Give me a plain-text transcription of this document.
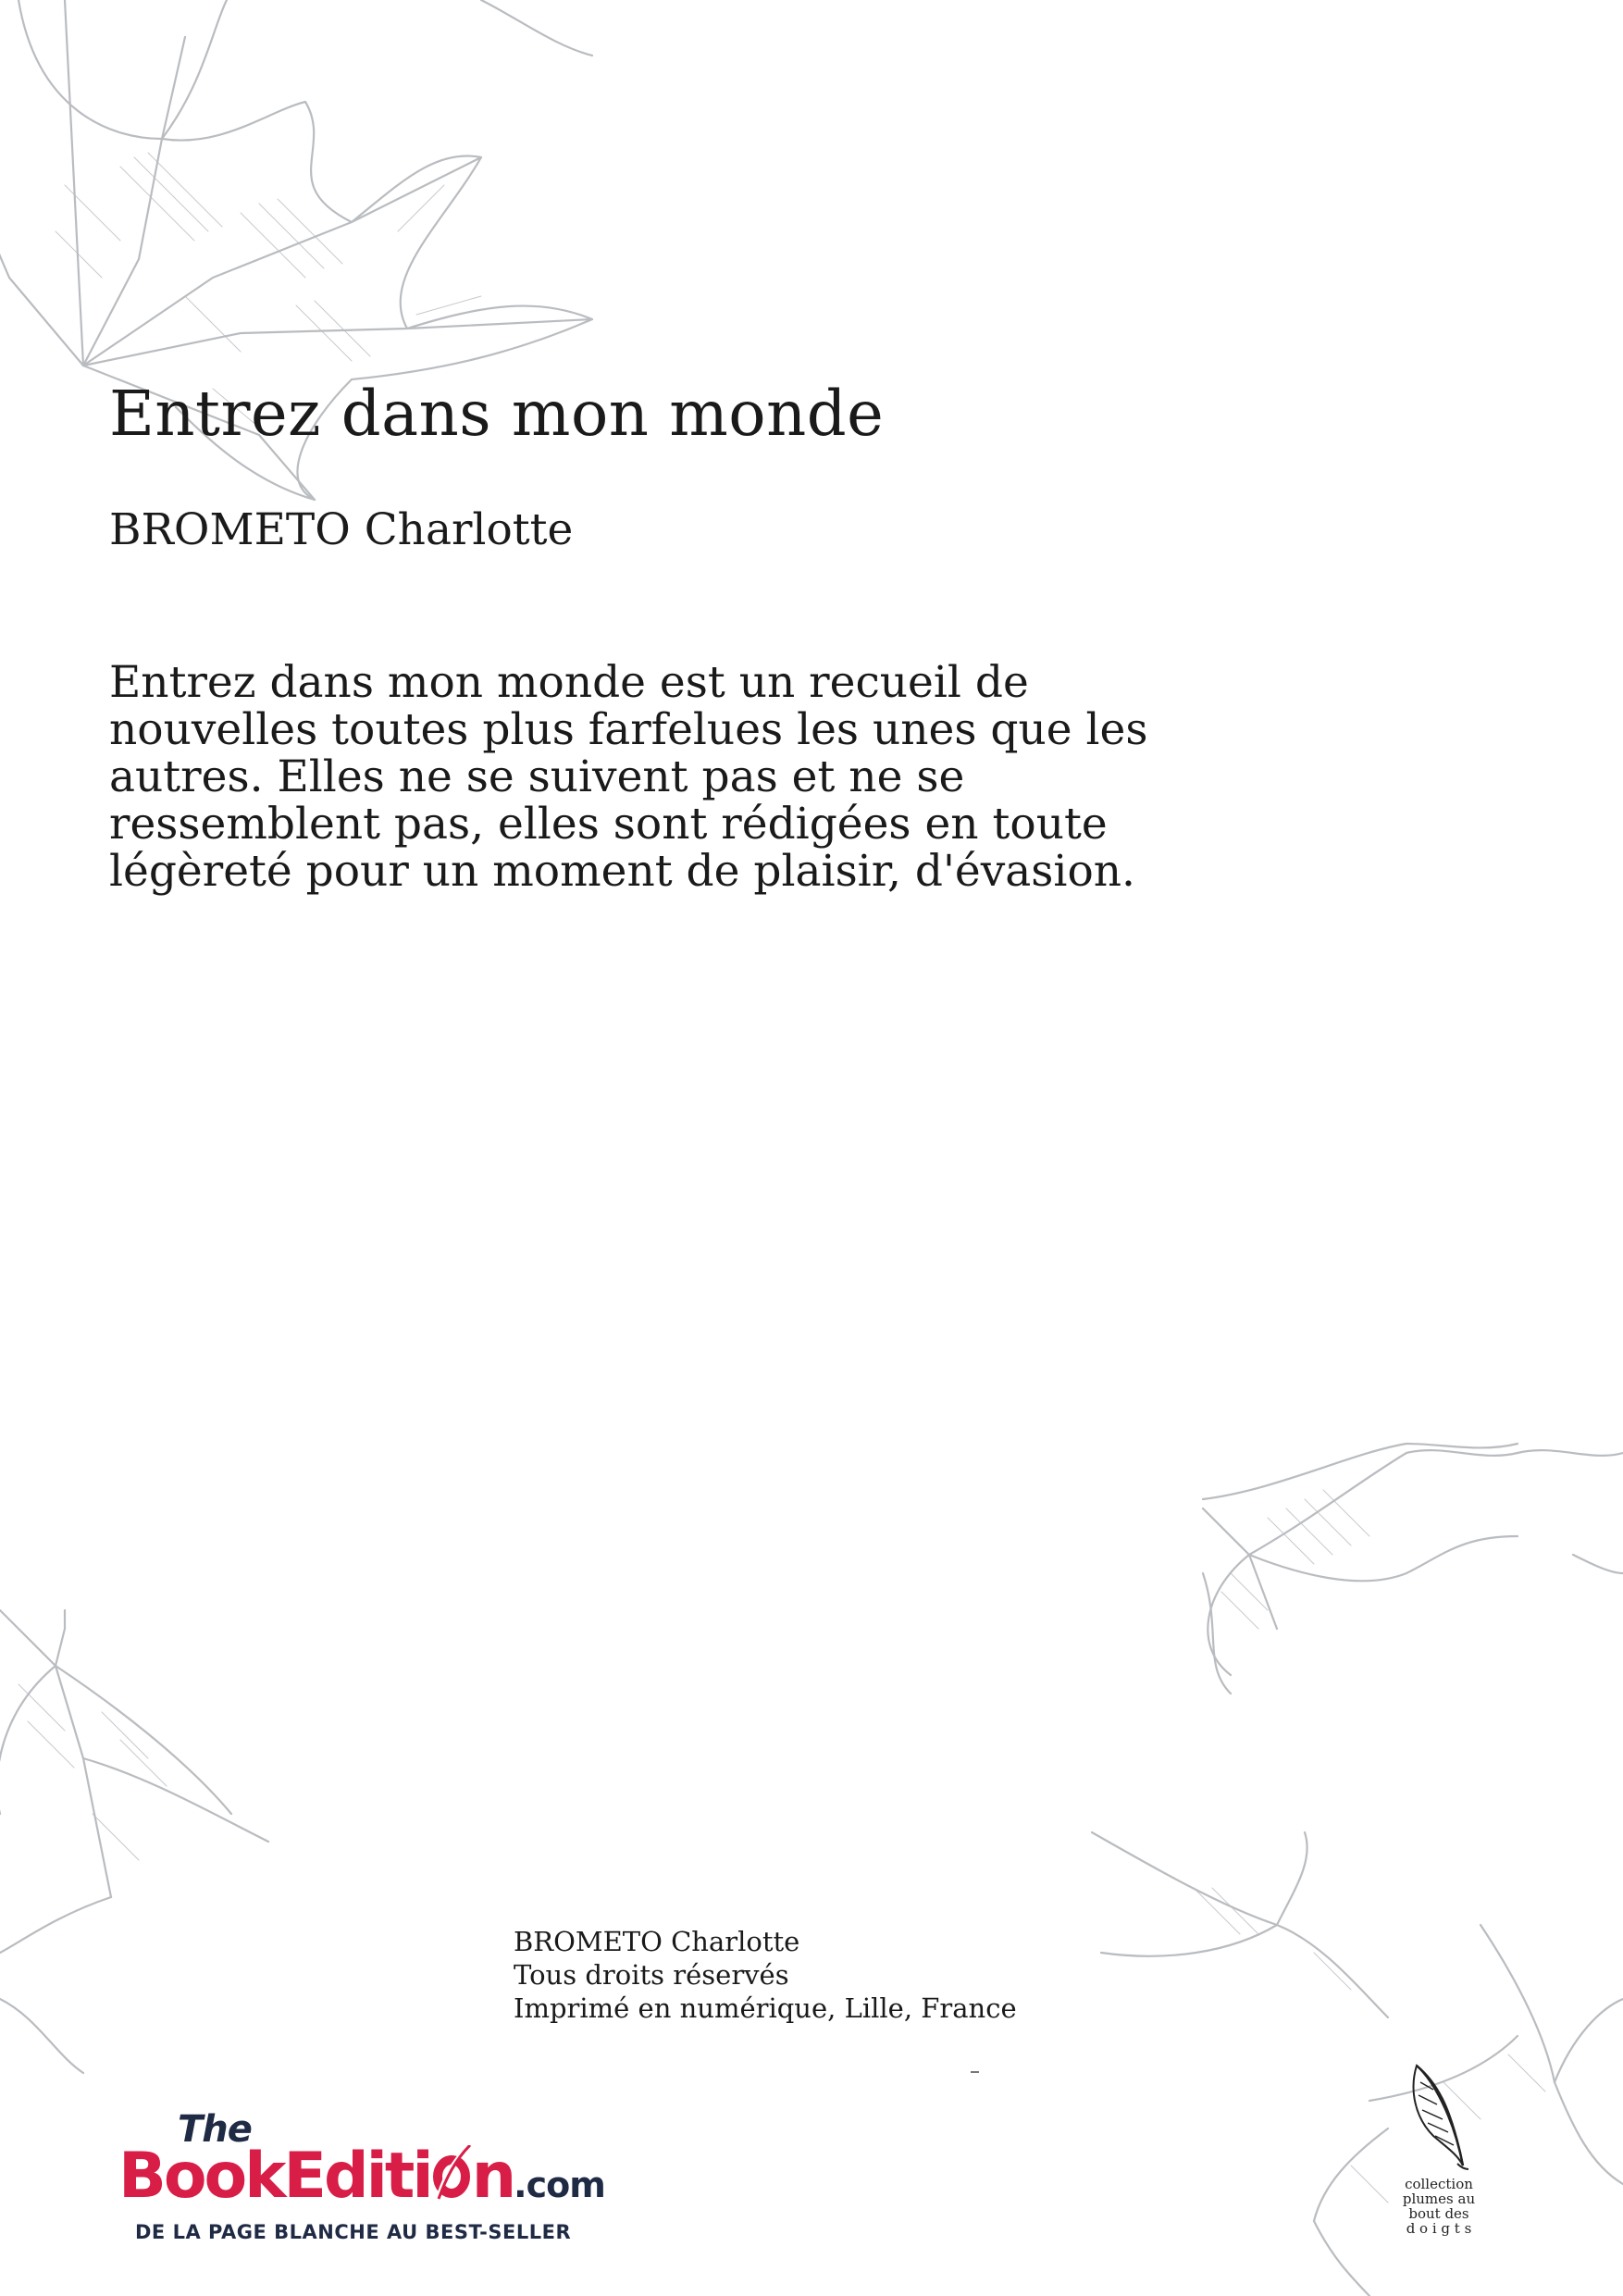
Entrez dans mon monde
BROMETO Charlotte

Entrez dans mon monde est un recueil de nouvelles toutes plus farfelues les unes que les autres. Elles ne se suivent pas et ne se ressemblent pas, elles sont rédigées en toute légèreté pour un moment de plaisir, d'évasion.

BROMETO Charlotte
Tous droits réservés
Imprimé en numérique, Lille, France
The
BookEditi n.com
DE LA PAGE BLANCHE AU BEST-SELLER
collection
plumes au
bout des
d o i g t s
